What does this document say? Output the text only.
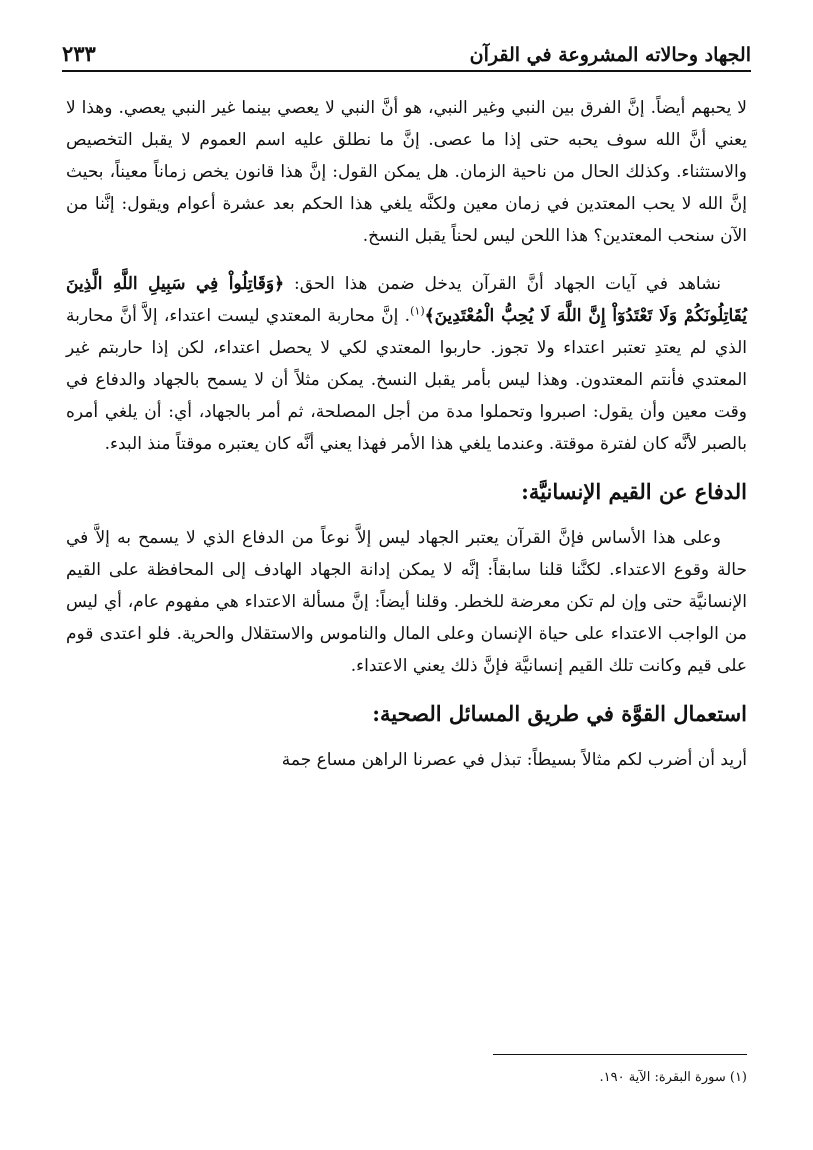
٢٣٣	الجهاد وحالاته المشروعة في القرآن

لا يحبهم أيضاً. إنَّ الفرق بين النبي وغير النبي، هو أنَّ النبي لا يعصي بينما غير النبي يعصي. وهذا لا يعني أنَّ الله سوف يحبه حتى إذا ما عصى. إنَّ ما نطلق عليه اسم العموم لا يقبل التخصيص والاستثناء. وكذلك الحال من ناحية الزمان. هل يمكن القول: إنَّ هذا قانون يخص زماناً معيناً، بحيث إنَّ الله لا يحب المعتدين في زمان معين ولكنَّه يلغي هذا الحكم بعد عشرة أعوام ويقول: إنَّنا من الآن سنحب المعتدين؟ هذا اللحن ليس لحناً يقبل النسخ.

نشاهد في آيات الجهاد أنَّ القرآن يدخل ضمن هذا الحق: ﴿وَقَاتِلُواْ فِي سَبِيلِ اللَّهِ الَّذِينَ يُقَاتِلُونَكُمْ وَلَا تَعْتَدُوٓاْ إِنَّ اللَّهَ لَا يُحِبُّ الْمُعْتَدِينَ﴾$^{(١)}$. إنَّ محاربة المعتدي ليست اعتداء، إلاَّ أنَّ محاربة الذي لم يعتدِ تعتبر اعتداء ولا تجوز. حاربوا المعتدي لكي لا يحصل اعتداء، لكن إذا حاربتم غير المعتدي فأنتم المعتدون. وهذا ليس بأمر يقبل النسخ. يمكن مثلاً أن لا يسمح بالجهاد والدفاع في وقت معين وأن يقول: اصبروا وتحملوا مدة من أجل المصلحة، ثم أمر بالجهاد، أي: أن يلغي أمره بالصبر لأنَّه كان لفترة موقتة. وعندما يلغي هذا الأمر فهذا يعني أنَّه كان يعتبره موقتاً منذ البدء.

الدفاع عن القيم الإنسانيَّة:

وعلى هذا الأساس فإنَّ القرآن يعتبر الجهاد ليس إلاَّ نوعاً من الدفاع الذي لا يسمح به إلاَّ في حالة وقوع الاعتداء. لكنَّنا قلنا سابقاً: إنَّه لا يمكن إدانة الجهاد الهادف إلى المحافظة على القيم الإنسانيَّة حتى وإن لم تكن معرضة للخطر. وقلنا أيضاً: إنَّ مسألة الاعتداء هي مفهوم عام، أي ليس من الواجب الاعتداء على حياة الإنسان وعلى المال والناموس والاستقلال والحرية. فلو اعتدى قوم على قيم وكانت تلك القيم إنسانيَّة فإنَّ ذلك يعني الاعتداء.

استعمال القوَّة في طريق المسائل الصحية:

أريد أن أضرب لكم مثالاً بسيطاً: تبذل في عصرنا الراهن مساع جمة

(١) سورة البقرة: الآية ١٩٠.
